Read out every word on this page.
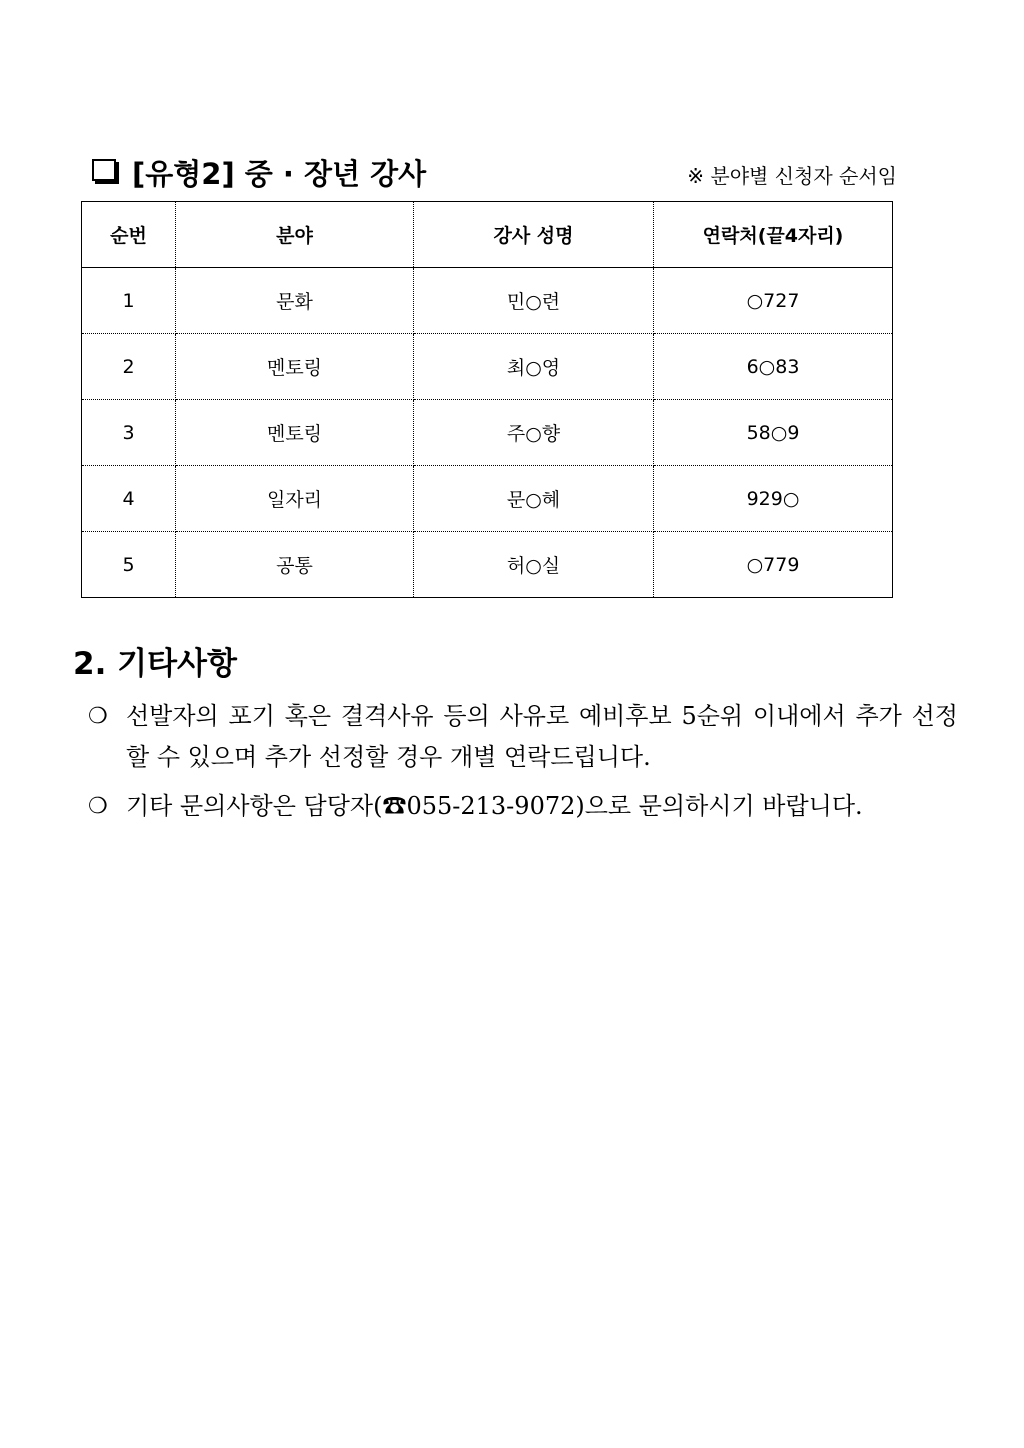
[유형2] 중 · 장년 강사	※ 분야별 신청자 순서임
순번	분야	강사 성명	연락처(끝4자리)
1	문화	민○련	○727
2	멘토링	최○영	6○83
3	멘토링	주○향	58○9
4	일자리	문○혜	929○
5	공통	허○실	○779
2. 기타사항
❍ 선발자의 포기 혹은 결격사유 등의 사유로 예비후보 5순위 이내에서 추가 선정할 수 있으며 추가 선정할 경우 개별 연락드립니다.
❍ 기타 문의사항은 담당자(☎055-213-9072)으로 문의하시기 바랍니다.
